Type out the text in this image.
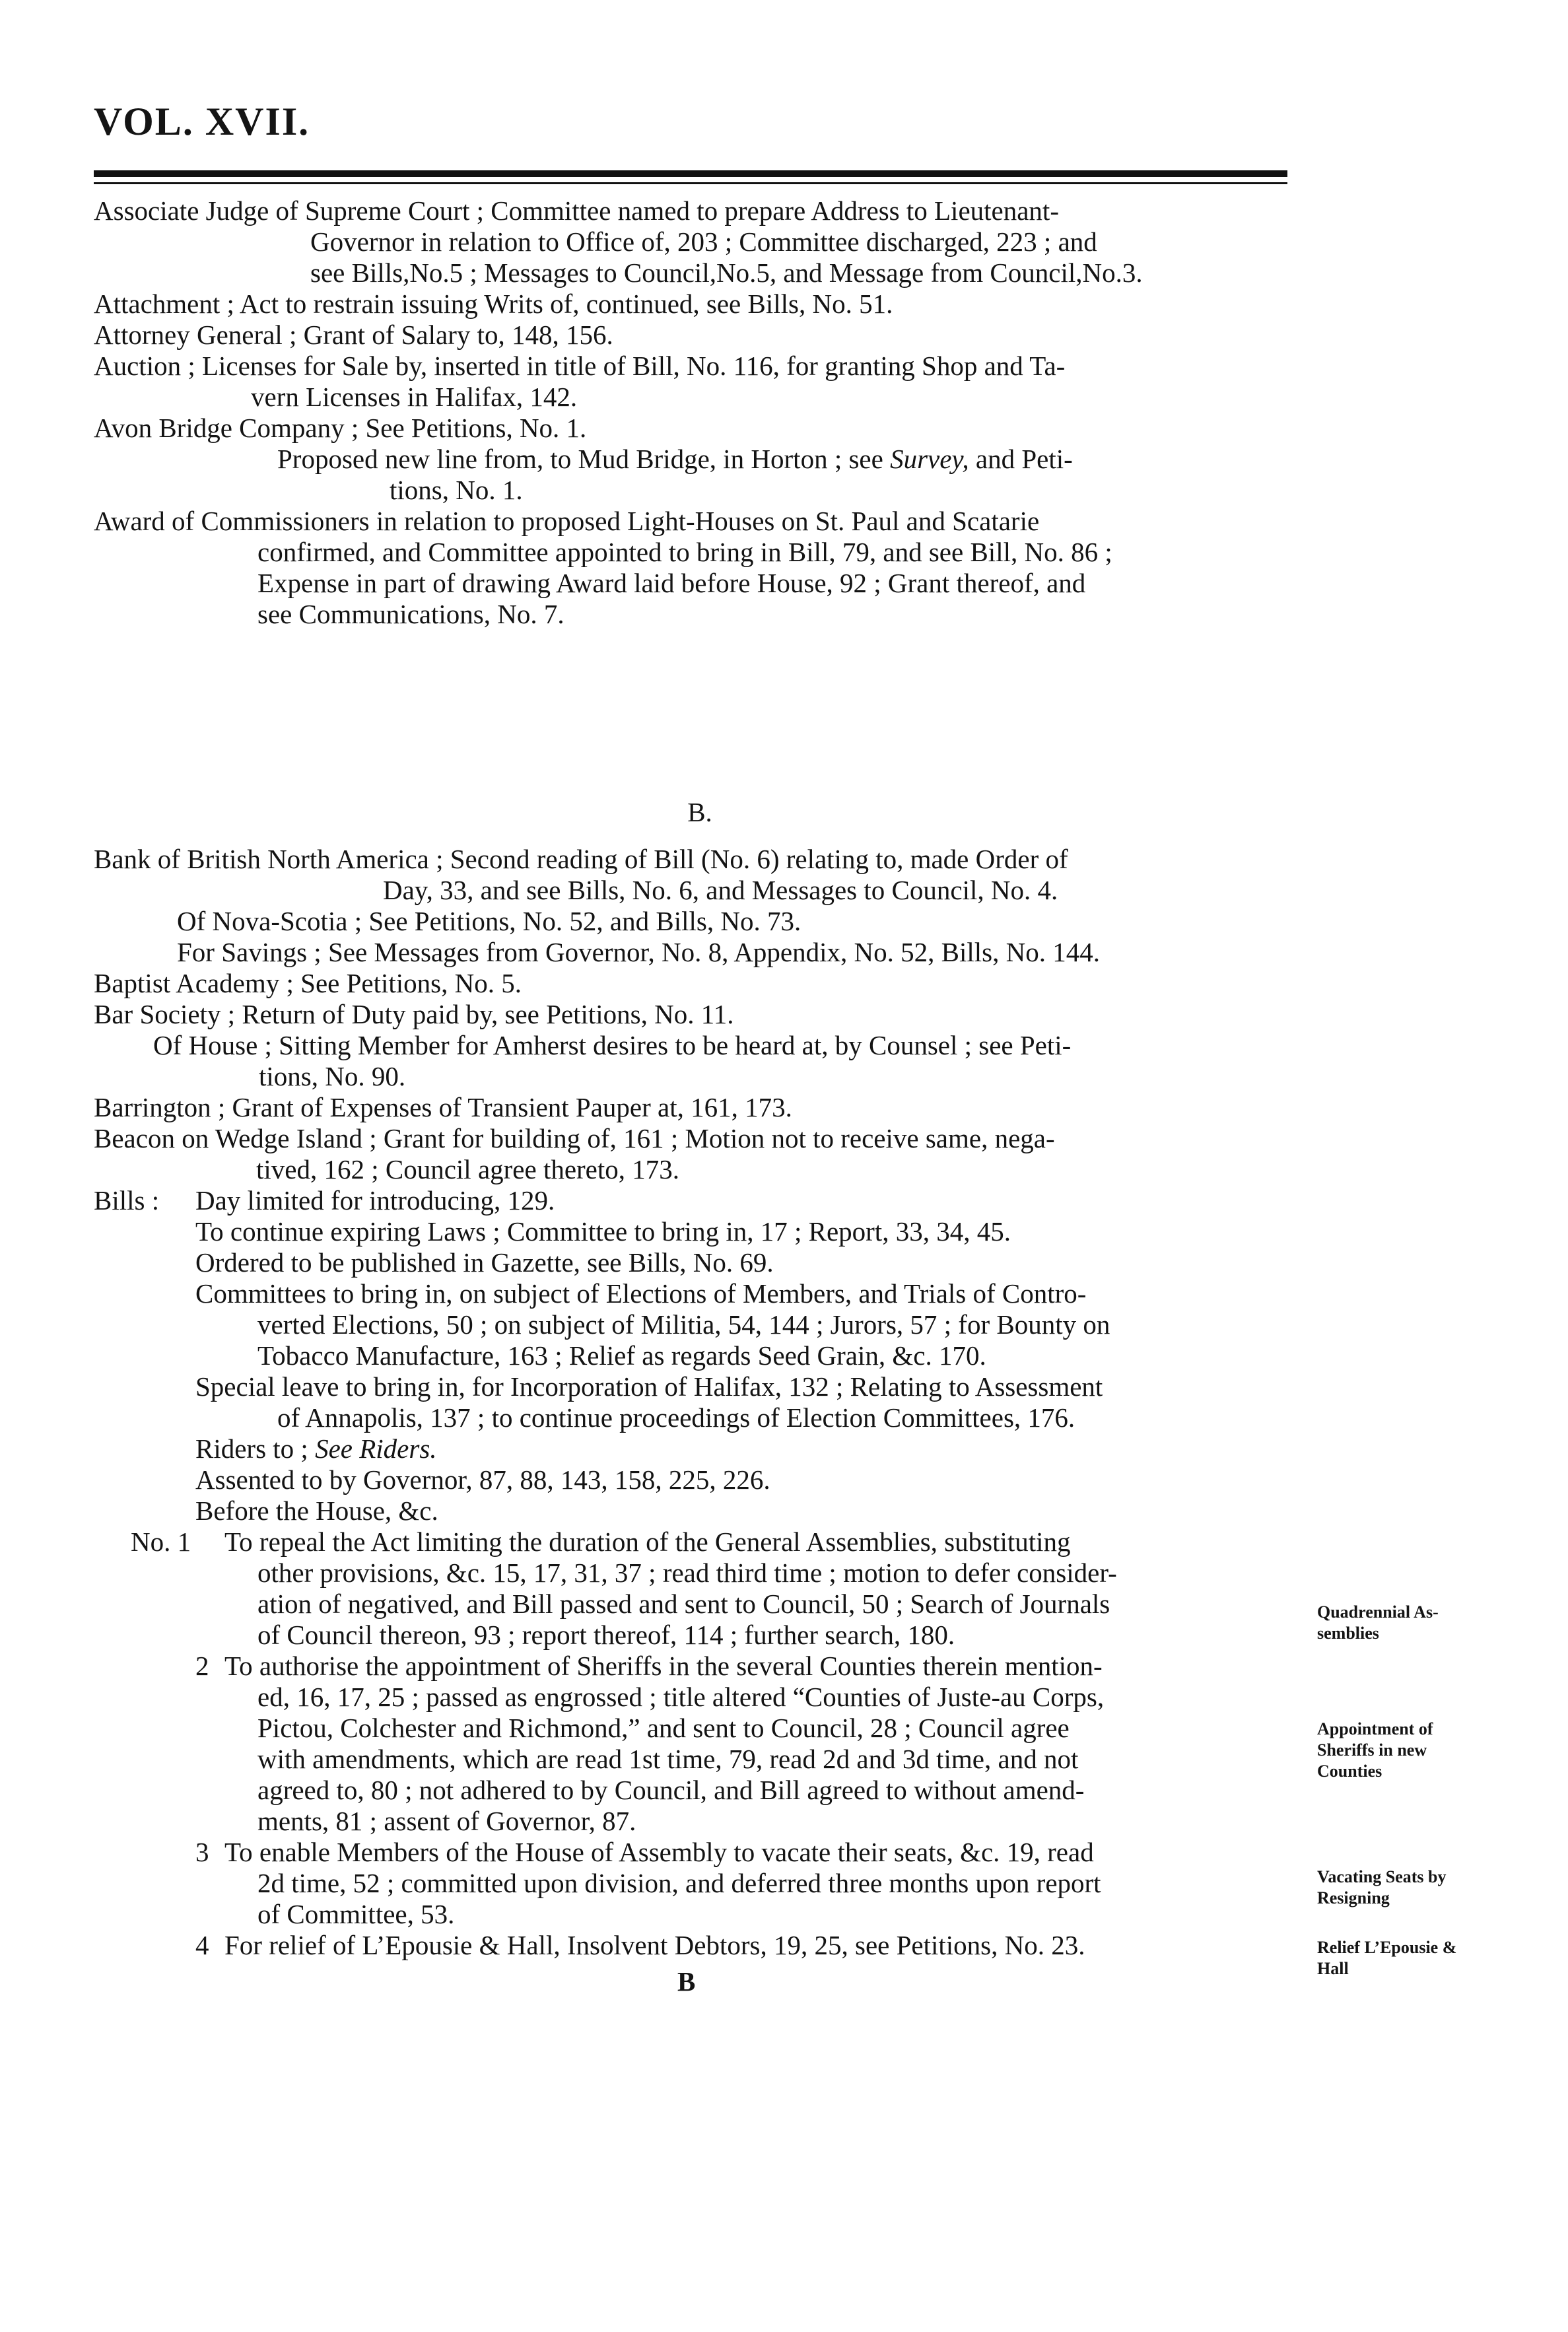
VOL. XVII.
Associate Judge of Supreme Court ; Committee named to prepare Address to Lieutenant-
Governor in relation to Office of, 203 ; Committee discharged, 223 ; and
see Bills,No.5 ; Messages to Council,No.5, and Message from Council,No.3.
Attachment ; Act to restrain issuing Writs of, continued, see Bills, No. 51.
Attorney General ; Grant of Salary to, 148, 156.
Auction ; Licenses for Sale by, inserted in title of Bill, No. 116, for granting Shop and Ta-
vern Licenses in Halifax, 142.
Avon Bridge Company ; See Petitions, No. 1.
Proposed new line from, to Mud Bridge, in Horton ; see Survey, and Peti-
tions, No. 1.
Award of Commissioners in relation to proposed Light-Houses on St. Paul and Scatarie
confirmed, and Committee appointed to bring in Bill, 79, and see Bill, No. 86 ;
Expense in part of drawing Award laid before House, 92 ; Grant thereof, and
see Communications, No. 7.
B.
Bank of British North America ; Second reading of Bill (No. 6) relating to, made Order of
Day, 33, and see Bills, No. 6, and Messages to Council, No. 4.
Of Nova-Scotia ; See Petitions, No. 52, and Bills, No. 73.
For Savings ; See Messages from Governor, No. 8, Appendix, No. 52, Bills, No. 144.
Baptist Academy ; See Petitions, No. 5.
Bar Society ; Return of Duty paid by, see Petitions, No. 11.
Of House ; Sitting Member for Amherst desires to be heard at, by Counsel ; see Peti-
tions, No. 90.
Barrington ; Grant of Expenses of Transient Pauper at, 161, 173.
Beacon on Wedge Island ; Grant for building of, 161 ; Motion not to receive same, nega-
tived, 162 ; Council agree thereto, 173.
Bills : Day limited for introducing, 129.
To continue expiring Laws ; Committee to bring in, 17 ; Report, 33, 34, 45.
Ordered to be published in Gazette, see Bills, No. 69.
Committees to bring in, on subject of Elections of Members, and Trials of Contro-
verted Elections, 50 ; on subject of Militia, 54, 144 ; Jurors, 57 ; for Bounty on
Tobacco Manufacture, 163 ; Relief as regards Seed Grain, &c. 170.
Special leave to bring in, for Incorporation of Halifax, 132 ; Relating to Assessment
of Annapolis, 137 ; to continue proceedings of Election Committees, 176.
Riders to ; See Riders.
Assented to by Governor, 87, 88, 143, 158, 225, 226.
Before the House, &c.
No. 1 To repeal the Act limiting the duration of the General Assemblies, substituting
other provisions, &c. 15, 17, 31, 37 ; read third time ; motion to defer consider-
ation of negatived, and Bill passed and sent to Council, 50 ; Search of Journals
of Council thereon, 93 ; report thereof, 114 ; further search, 180.
2 To authorise the appointment of Sheriffs in the several Counties therein mention-
ed, 16, 17, 25 ; passed as engrossed ; title altered “Counties of Juste-au Corps,
Pictou, Colchester and Richmond,” and sent to Council, 28 ; Council agree
with amendments, which are read 1st time, 79, read 2d and 3d time, and not
agreed to, 80 ; not adhered to by Council, and Bill agreed to without amend-
ments, 81 ; assent of Governor, 87.
3 To enable Members of the House of Assembly to vacate their seats, &c. 19, read
2d time, 52 ; committed upon division, and deferred three months upon report
of Committee, 53.
4 For relief of L’Epousie & Hall, Insolvent Debtors, 19, 25, see Petitions, No. 23.
Quadrennial As-
semblies
Appointment of
Sheriffs in new
Counties
Vacating Seats by
Resigning
Relief L’Epousie &
Hall
B
